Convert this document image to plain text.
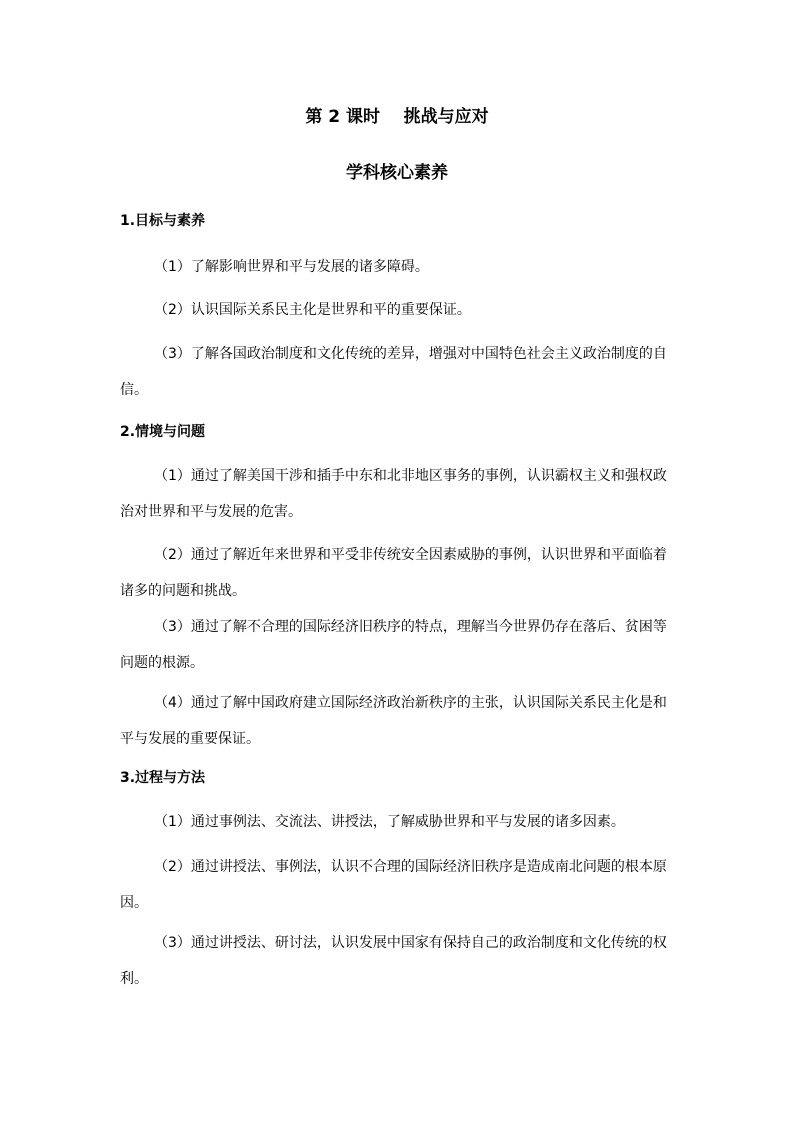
第 2 课时    挑战与应对
学科核心素养
1.目标与素养
（1）了解影响世界和平与发展的诸多障碍。
（2）认识国际关系民主化是世界和平的重要保证。
（3）了解各国政治制度和文化传统的差异，增强对中国特色社会主义政治制度的自信。
2.情境与问题
（1）通过了解美国干涉和插手中东和北非地区事务的事例，认识霸权主义和强权政治对世界和平与发展的危害。
（2）通过了解近年来世界和平受非传统安全因素威胁的事例，认识世界和平面临着诸多的问题和挑战。
（3）通过了解不合理的国际经济旧秩序的特点，理解当今世界仍存在落后、贫困等问题的根源。
（4）通过了解中国政府建立国际经济政治新秩序的主张，认识国际关系民主化是和平与发展的重要保证。
3.过程与方法
（1）通过事例法、交流法、讲授法，了解威胁世界和平与发展的诸多因素。
（2）通过讲授法、事例法，认识不合理的国际经济旧秩序是造成南北问题的根本原因。
（3）通过讲授法、研讨法，认识发展中国家有保持自己的政治制度和文化传统的权利。
